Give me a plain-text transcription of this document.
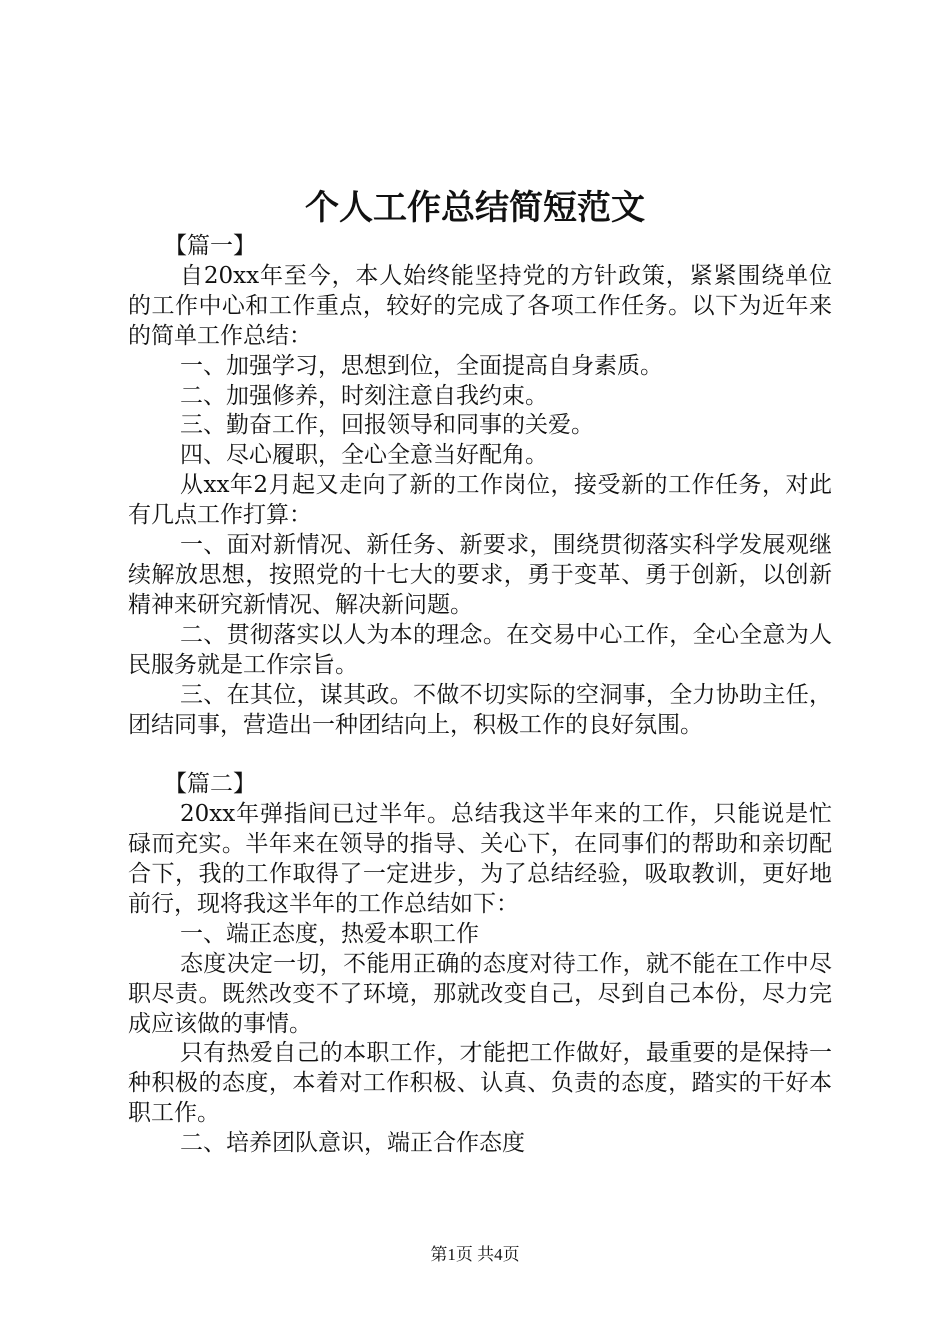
个人工作总结简短范文

【篇一】

自20xx年至今，本人始终能坚持党的方针政策，紧紧围绕单位的工作中心和工作重点，较好的完成了各项工作任务。以下为近年来的简单工作总结：

一、加强学习，思想到位，全面提高自身素质。

二、加强修养，时刻注意自我约束。

三、勤奋工作，回报领导和同事的关爱。

四、尽心履职，全心全意当好配角。

从xx年2月起又走向了新的工作岗位，接受新的工作任务，对此有几点工作打算：

一、面对新情况、新任务、新要求，围绕贯彻落实科学发展观继续解放思想，按照党的十七大的要求，勇于变革、勇于创新，以创新精神来研究新情况、解决新问题。

二、贯彻落实以人为本的理念。在交易中心工作，全心全意为人民服务就是工作宗旨。

三、在其位，谋其政。不做不切实际的空洞事，全力协助主任，团结同事，营造出一种团结向上，积极工作的良好氛围。

【篇二】

20xx年弹指间已过半年。总结我这半年来的工作，只能说是忙碌而充实。半年来在领导的指导、关心下，在同事们的帮助和亲切配合下，我的工作取得了一定进步，为了总结经验，吸取教训，更好地前行，现将我这半年的工作总结如下：

一、端正态度，热爱本职工作

态度决定一切，不能用正确的态度对待工作，就不能在工作中尽职尽责。既然改变不了环境，那就改变自己，尽到自己本份，尽力完成应该做的事情。

只有热爱自己的本职工作，才能把工作做好，最重要的是保持一种积极的态度，本着对工作积极、认真、负责的态度，踏实的干好本职工作。

二、培养团队意识，端正合作态度

第1页 共4页
